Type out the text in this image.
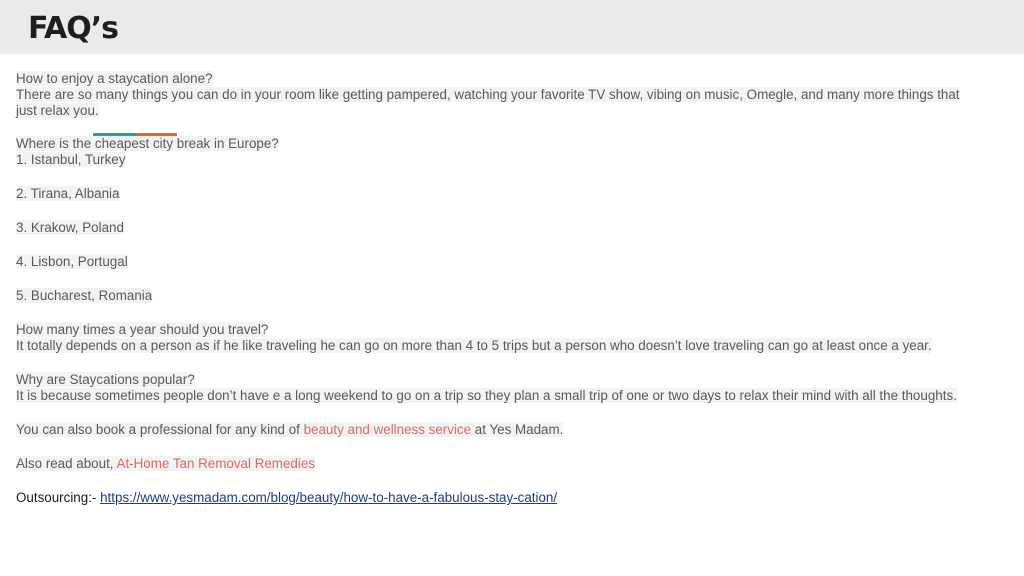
FAQ’s
How to enjoy a staycation alone?
There are so many things you can do in your room like getting pampered, watching your favorite TV show, vibing on music, Omegle, and many more things that
just relax you.
Where is the cheapest city break in Europe?
1. Istanbul, Turkey
2. Tirana, Albania
3. Krakow, Poland
4. Lisbon, Portugal
5. Bucharest, Romania
How many times a year should you travel?
It totally depends on a person as if he like traveling he can go on more than 4 to 5 trips but a person who doesn’t love traveling can go at least once a year.
Why are Staycations popular?
It is because sometimes people don’t have e a long weekend to go on a trip so they plan a small trip of one or two days to relax their mind with all the thoughts.
You can also book a professional for any kind of beauty and wellness service at Yes Madam.
Also read about, At-Home Tan Removal Remedies
Outsourcing:- https://www.yesmadam.com/blog/beauty/how-to-have-a-fabulous-stay-cation/
